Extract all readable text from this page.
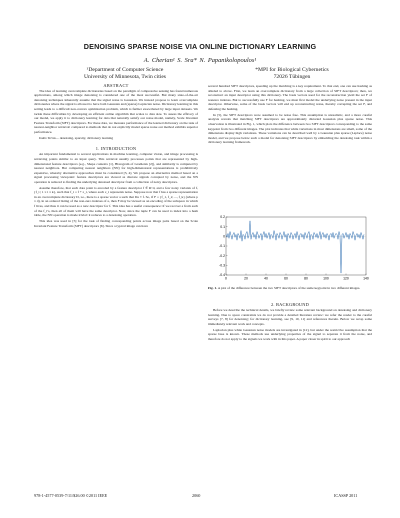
DENOISING SPARSE NOISE VIA ONLINE DICTIONARY LEARNING
A. Cherian¹ S. Sra* N. Papanikolopoulos¹
¹Department of Computer Science
University of Minnesota, Twin cities
*MPI for Biological Cybernetics
72026 Tübingen
ABSTRACT

The idea of learning overcomplete dictionaries based on the paradigm of compressive sensing has found numerous applications, among which image denoising is considered one of the most successful. But many state-of-the-art denoising techniques inherently assume that the signal noise is Gaussian. We instead propose to learn overcomplete dictionaries where the signal is allowed to have both Gaussian and (sparse) Laplacian noise. Dictionary learning in this setting leads to a difficult non-convex optimization problem, which is further exacerbated by large input datasets. We tackle these difficulties by developing an efficient online algorithm that scales to data size. To assess the efficacy of our model, we apply it to dictionary learning for data that naturally satisfy our noise model, namely, Scale Invariant Feature Transform (SIFT) descriptors. For these data, we measure performance of the learned dictionary on the task of nearest-neighbor retrieval: compared to methods that do not explicitly model sparse noise our method exhibits superior performance.

Index Terms— denoising, sparsity, dictionary learning

1. INTRODUCTION

An important fundamental to several applications in machine learning, computer vision, and image processing is retrieving points similar to an input query. This retrieval usually processes points that are represented by high-dimensional feature descriptors (e.g., Shape contexts [1], Histogram of Gradients [2]), and similarity is computed by nearest neighbors. But computing nearest neighbors (NN) for high-dimensional representations is prohibitively expensive, whereby alternative approaches must be considered [3, 4]. We propose an alternative method based on a signal processing viewpoint: feature descriptors are viewed as discrete signals corrupted by noise, and the NN operation is reduced to finding the underlying denoised descriptor from a collection of noisy descriptors.

Assume therefore, that each data point is encoded by a feature descriptor f ∈ R^d, and a few noisy variants of f, {f_i | 1 ≤ i ≤ k}, such that f_i = f + ε_i, where each ε_i represents noise. Suppose now that f has a sparse representation in an overcomplete dictionary D, i.e., there is a sparse vector a such that Da ≈ f. So, if F = {f_1, f_2, ..., f_k} (where p ≤ d), in an ordered listing of the non-zero indexes of a, then F may be viewed as an encoding of the subspace in which f lives, and thus it can be used as a new descriptor for f. This idea has a useful consequence: if we recover a from each of the f_i’s, then all of them will have the same descriptor. Now, since the tuple F can be used to index into a hash table, the NN operation is made trivial: it reduces to a denoising operation.

This idea was used in [5] for the task of finding corresponding points across image pairs based on the Scale Invariant Feature Transform (SIFT) descriptors [6]. Since a typical image can have

several hundred SIFT descriptors, speeding up the matching is a key requirement. To that end, one can use hashing as alluded to above. First, we learn an overcomplete dictionary from a large collection of SIFT descriptors; then, we reconstruct an input descriptor using this dictionary. The basis vectors used for the reconstruction yield the set F of nonzero indexes. But to successfully use F for hashing, we must first model the underlying noise present in the input descriptor. Otherwise, some of the basis vectors will end up reconstructing noise, thereby corrupting the set F, and defeating the hashing.

In [5], the SIFT descriptors were assumed to be noise free. This assumption is unrealistic, and a more careful analysis reveals that matching SIFT descriptors are approximately distorted Gaussian plus sparse noise. This observation is illustrated in Fig. 1, which plots the difference between two SIFT descriptors corresponding to the same keypoint from two different images. The plot indicates that while variations in most dimensions are small, some of the dimensions display high variations. These variations can be described well by a Gaussian plus sparse (Laplace) noise model, and we propose below such a model for denoising SIFT descriptors by embedding the denoising task within a dictionary learning framework.

0.2
0.1
0
-0.1
-0.2
-0.3
-0.4
0	20	40	60	80	100	120	140
Fig. 1. A plot of the difference between the two SIFT descriptors of the same keypoint in two different images.
2. BACKGROUND

Before we describe the technical details, we briefly review some relevant background on denoising and dictionary learning. Due to space constraints we do not provide a detailed literature review: we refer the reader to the careful surveys [7, 8] for denoising; for dictionary learning, see [9, 10, 11] and references therein. Below we recap some immediately relevant work and concepts.

Laplacian plus white Gaussian noise models are investigated in [12], but under the restrictive assumption that the sparse base is known. These methods use underlying properties of the signal to separate it from the noise, and therefore do not apply to the signals we work with in this paper. A paper closer in spirit to our approach

978-1-4577-0539-7/11/$26.00 ©2011 IEEE	2060	ICASSP 2011
